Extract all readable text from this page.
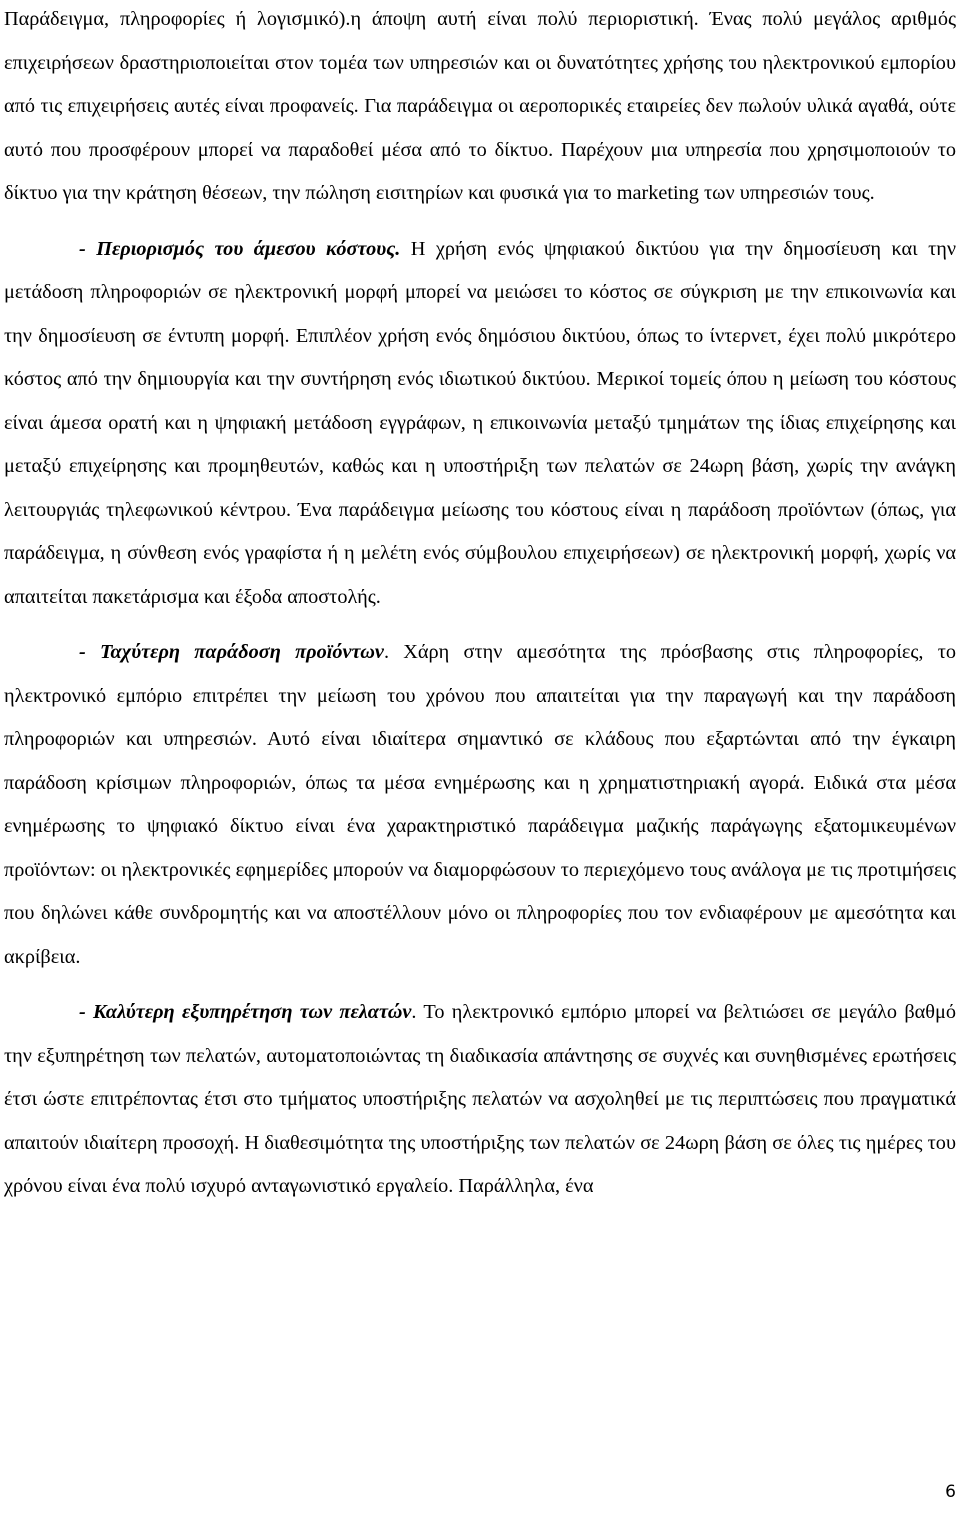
Παράδειγμα, πληροφορίες ή λογισμικό).η άποψη αυτή είναι πολύ περιοριστική. Ένας πολύ μεγάλος αριθμός επιχειρήσεων δραστηριοποιείται στον τομέα των υπηρεσιών και οι δυνατότητες χρήσης του ηλεκτρονικού εμπορίου από τις επιχειρήσεις αυτές είναι προφανείς. Για παράδειγμα οι αεροπορικές εταιρείες δεν πωλούν υλικά αγαθά, ούτε αυτό που προσφέρουν μπορεί να παραδοθεί μέσα από το δίκτυο. Παρέχουν μια υπηρεσία που χρησιμοποιούν το δίκτυο για την κράτηση θέσεων, την πώληση εισιτηρίων και φυσικά για το marketing των υπηρεσιών τους.

- Περιορισμός του άμεσου κόστους. Η χρήση ενός ψηφιακού δικτύου για την δημοσίευση και την μετάδοση πληροφοριών σε ηλεκτρονική μορφή μπορεί να μειώσει το κόστος σε σύγκριση με την επικοινωνία και την δημοσίευση σε έντυπη μορφή. Επιπλέον χρήση ενός δημόσιου δικτύου, όπως το ίντερνετ, έχει πολύ μικρότερο κόστος από την δημιουργία και την συντήρηση ενός ιδιωτικού δικτύου. Μερικοί τομείς όπου η μείωση του κόστους είναι άμεσα ορατή και η ψηφιακή μετάδοση εγγράφων, η επικοινωνία μεταξύ τμημάτων της ίδιας επιχείρησης και μεταξύ επιχείρησης και προμηθευτών, καθώς και η υποστήριξη των πελατών σε 24ωρη βάση, χωρίς την ανάγκη λειτουργιάς τηλεφωνικού κέντρου. Ένα παράδειγμα μείωσης του κόστους είναι η παράδοση προϊόντων (όπως, για παράδειγμα, η σύνθεση ενός γραφίστα ή η μελέτη ενός σύμβουλου επιχειρήσεων) σε ηλεκτρονική μορφή, χωρίς να απαιτείται πακετάρισμα και έξοδα αποστολής.

- Ταχύτερη παράδοση προϊόντων. Χάρη στην αμεσότητα της πρόσβασης στις πληροφορίες, το ηλεκτρονικό εμπόριο επιτρέπει την μείωση του χρόνου που απαιτείται για την παραγωγή και την παράδοση πληροφοριών και υπηρεσιών. Αυτό είναι ιδιαίτερα σημαντικό σε κλάδους που εξαρτώνται από την έγκαιρη παράδοση κρίσιμων πληροφοριών, όπως τα μέσα ενημέρωσης και η χρηματιστηριακή αγορά. Ειδικά στα μέσα ενημέρωσης το ψηφιακό δίκτυο είναι ένα χαρακτηριστικό παράδειγμα μαζικής παράγωγης εξατομικευμένων προϊόντων: οι ηλεκτρονικές εφημερίδες μπορούν να διαμορφώσουν το περιεχόμενο τους ανάλογα με τις προτιμήσεις που δηλώνει κάθε συνδρομητής και να αποστέλλουν μόνο οι πληροφορίες που τον ενδιαφέρουν με αμεσότητα και ακρίβεια.

- Καλύτερη εξυπηρέτηση των πελατών. Το ηλεκτρονικό εμπόριο μπορεί να βελτιώσει σε μεγάλο βαθμό την εξυπηρέτηση των πελατών, αυτοματοποιώντας τη διαδικασία απάντησης σε συχνές και συνηθισμένες ερωτήσεις έτσι ώστε επιτρέποντας έτσι στο τμήματος υποστήριξης πελατών να ασχοληθεί με τις περιπτώσεις που πραγματικά απαιτούν ιδιαίτερη προσοχή. Η διαθεσιμότητα της υποστήριξης των πελατών σε 24ωρη βάση σε όλες τις ημέρες του χρόνου είναι ένα πολύ ισχυρό ανταγωνιστικό εργαλείο. Παράλληλα, ένα

6
